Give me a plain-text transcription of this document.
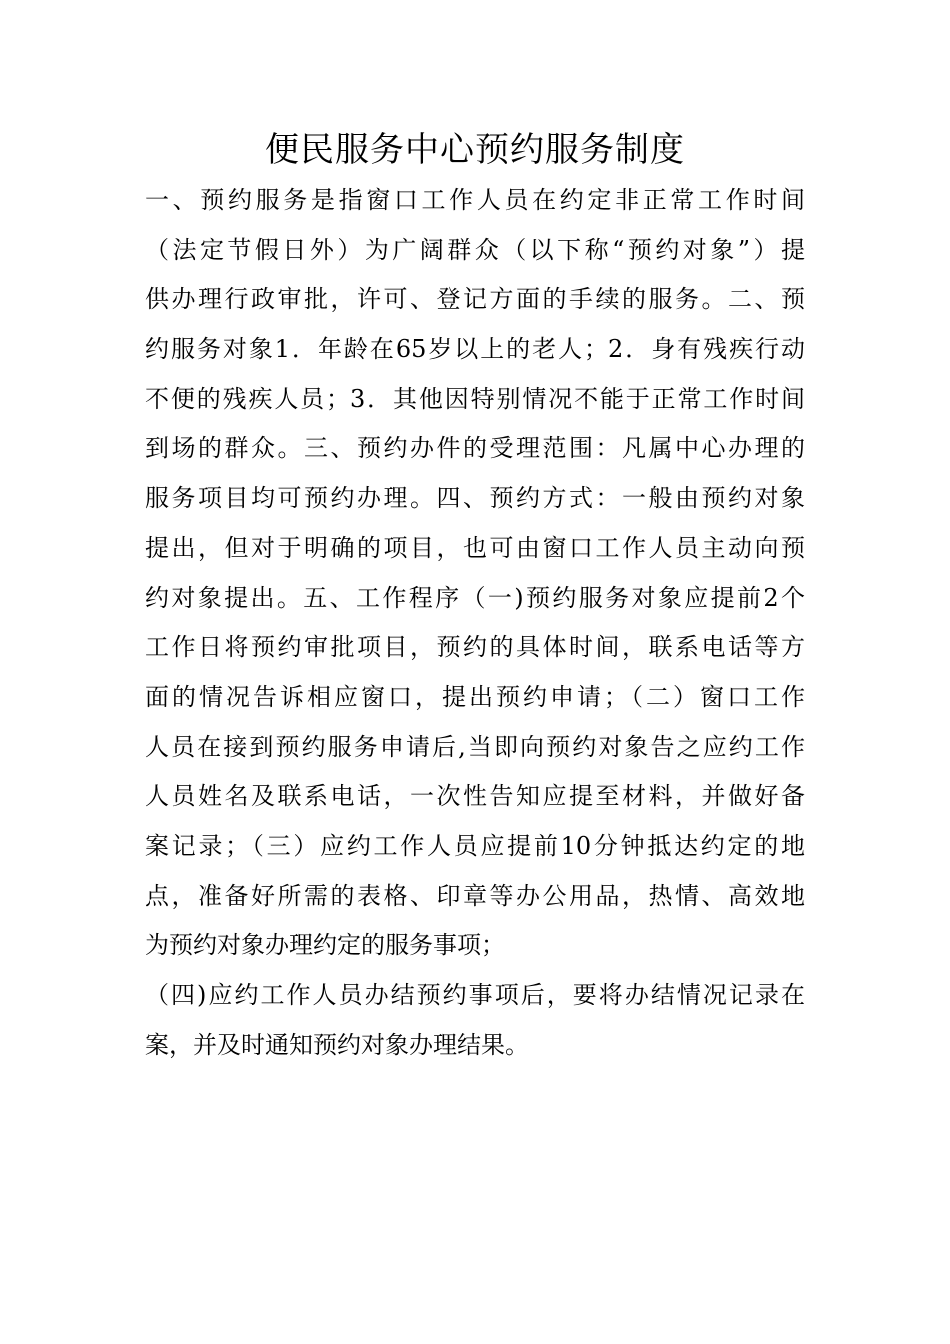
便民服务中心预约服务制度
一、预约服务是指窗口工作人员在约定非正常工作时间
（法定节假日外）为广阔群众（以下称“预约对象”）提
供办理行政审批，许可、登记方面的手续的服务。二、预
约服务对象1．年龄在65岁以上的老人；2．身有残疾行动
不便的残疾人员；3．其他因特别情况不能于正常工作时间
到场的群众。三、预约办件的受理范围：凡属中心办理的
服务项目均可预约办理。四、预约方式：一般由预约对象
提出，但对于明确的项目，也可由窗口工作人员主动向预
约对象提出。五、工作程序（一)预约服务对象应提前2个
工作日将预约审批项目，预约的具体时间，联系电话等方
面的情况告诉相应窗口，提出预约申请；（二）窗口工作
人员在接到预约服务申请后,当即向预约对象告之应约工作
人员姓名及联系电话，一次性告知应提至材料，并做好备
案记录；（三）应约工作人员应提前10分钟抵达约定的地
点，准备好所需的表格、印章等办公用品，热情、高效地
为预约对象办理约定的服务事项；
（四)应约工作人员办结预约事项后，要将办结情况记录在
案，并及时通知预约对象办理结果。
